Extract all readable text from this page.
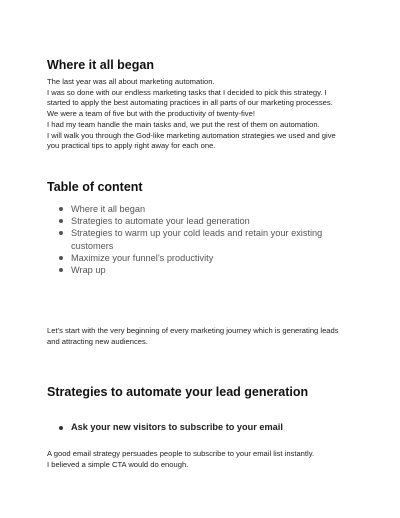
Where it all began
The last year was all about marketing automation.
I was so done with our endless marketing tasks that I decided to pick this strategy. I
started to apply the best automating practices in all parts of our marketing processes.
We were a team of five but with the productivity of twenty-five!
I had my team handle the main tasks and, we put the rest of them on automation.
I will walk you through the God-like marketing automation strategies we used and give
you practical tips to apply right away for each one.
Table of content
Where it all began
Strategies to automate your lead generation
Strategies to warm up your cold leads and retain your existing customers
Maximize your funnel’s productivity
Wrap up
Let’s start with the very beginning of every marketing journey which is generating leads
and attracting new audiences.
Strategies to automate your lead generation
Ask your new visitors to subscribe to your email
A good email strategy persuades people to subscribe to your email list instantly.
I believed a simple CTA would do enough.
